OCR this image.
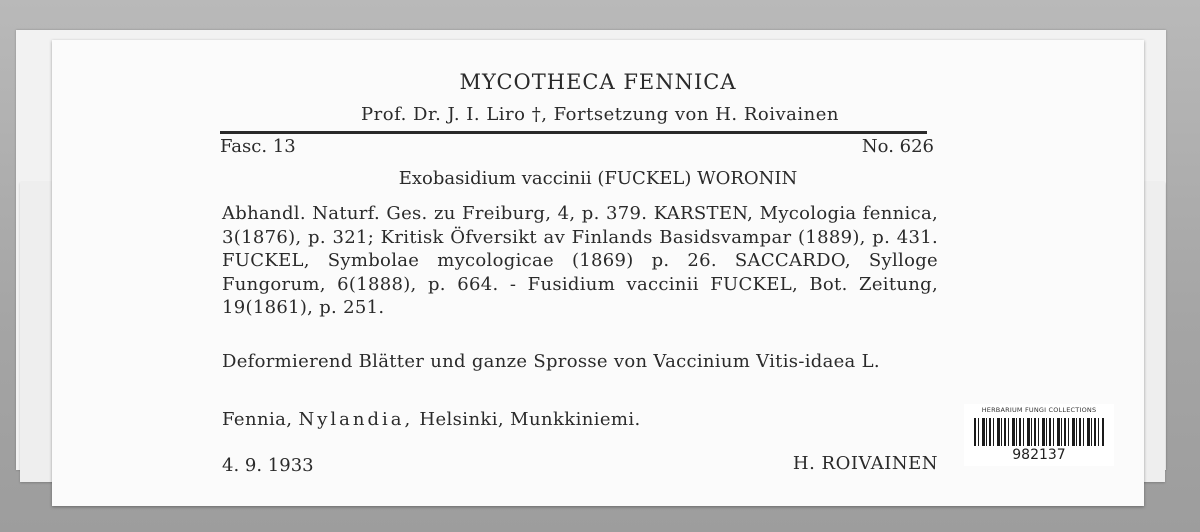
MYCOTHECA FENNICA
Prof. Dr. J. I. Liro †, Fortsetzung von H. Roivainen
Fasc. 13	No. 626
Exobasidium vaccinii (FUCKEL) WORONIN
Abhandl. Naturf. Ges. zu Freiburg, 4, p. 379. KARSTEN, Mycologia fennica, 3(1876), p. 321; Kritisk Öfversikt av Finlands Basidsvampar (1889), p. 431. FUCKEL, Symbolae mycologicae (1869) p. 26. SACCARDO, Sylloge Fungorum, 6(1888), p. 664. - Fusidium vaccinii FUCKEL, Bot. Zeitung, 19(1861), p. 251.
Deformierend Blätter und ganze Sprosse von Vaccinium Vitis-idaea L.
Fennia, Nylandia, Helsinki, Munkkiniemi.
4. 9. 1933	H. ROIVAINEN
HERBARIUM FUNGI COLLECTIONS
982137
